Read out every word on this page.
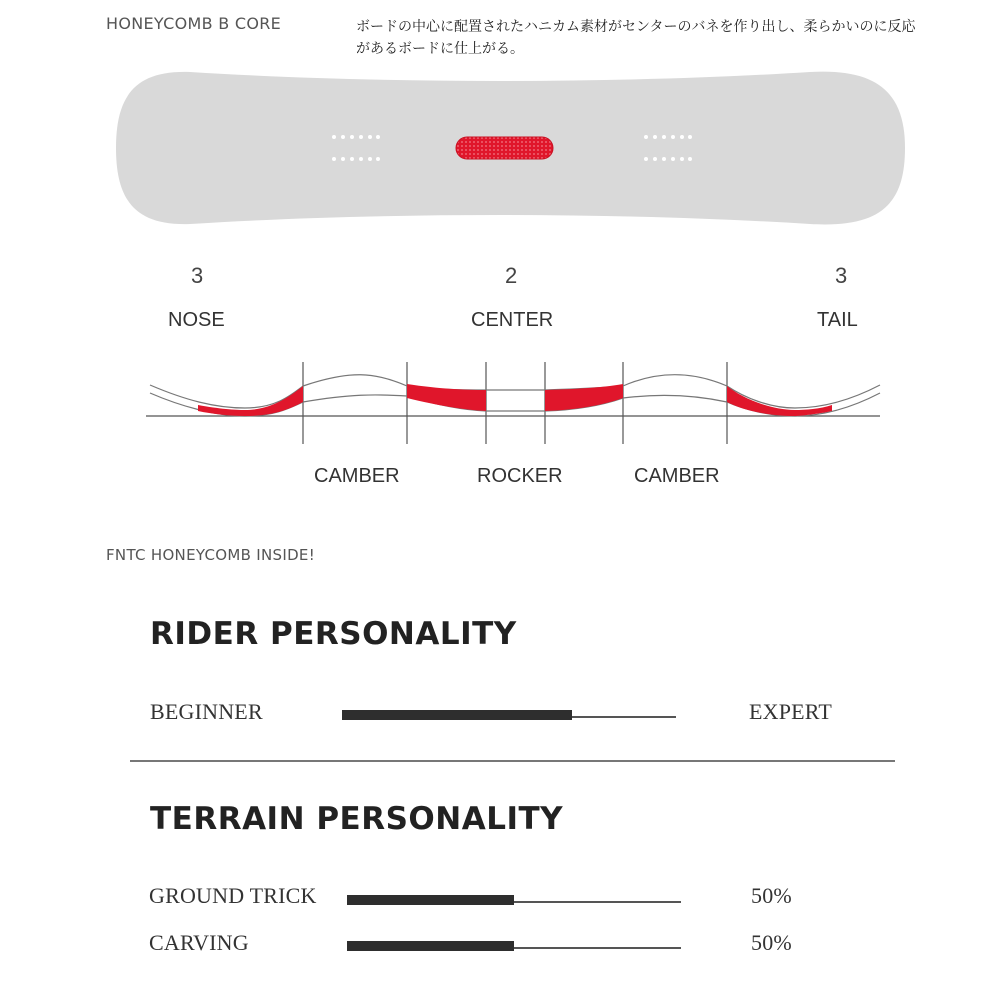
HONEYCOMB B CORE	ボードの中心に配置されたハニカム素材がセンターのバネを作り出し、柔らかいのに反応があるボードに仕上がる。
3	2	3
NOSE	CENTER	TAIL
CAMBER	ROCKER	CAMBER
FNTC HONEYCOMB INSIDE!
RIDER PERSONALITY
BEGINNER	EXPERT
TERRAIN PERSONALITY
GROUND TRICK	50%
CARVING	50%
